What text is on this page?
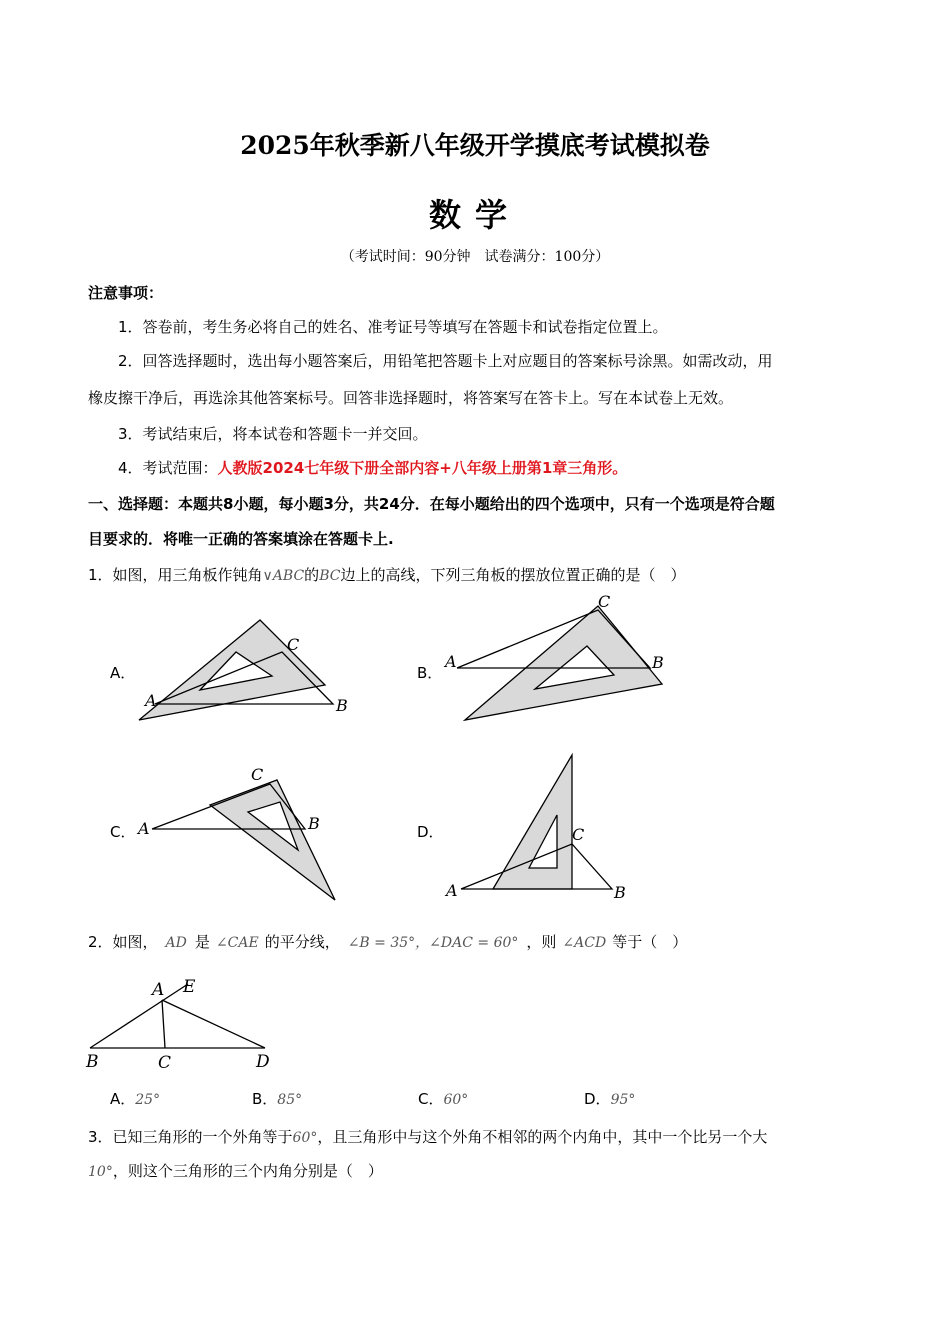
2025年秋季新八年级开学摸底考试模拟卷
数学
（考试时间：90分钟　试卷满分：100分）
注意事项：
1．答卷前，考生务必将自己的姓名、准考证号等填写在答题卡和试卷指定位置上。
2．回答选择题时，选出每小题答案后，用铅笔把答题卡上对应题目的答案标号涂黑。如需改动，用
橡皮擦干净后，再选涂其他答案标号。回答非选择题时，将答案写在答卡上。写在本试卷上无效。
3．考试结束后，将本试卷和答题卡一并交回。
4．考试范围：人教版2024七年级下册全部内容+八年级上册第1章三角形。
一、选择题：本题共8小题，每小题3分，共24分．在每小题给出的四个选项中，只有一个选项是符合题
目要求的．将唯一正确的答案填涂在答题卡上.
1．如图，用三角板作钝角∨ABC的BC边上的高线，下列三角板的摆放位置正确的是（　）
A．	B．
C．	D．
A	B
C
A	B
C
A	B
C
A	B
C
2．如图， AD 是 ∠CAE 的平分线， ∠B = 35°，∠DAC = 60° ，则 ∠ACD 等于（　）
A E
B	C	D
A．25°	B．85°	C．60°	D．95°
3．已知三角形的一个外角等于60°，且三角形中与这个外角不相邻的两个内角中，其中一个比另一个大
10°，则这个三角形的三个内角分别是（　）
